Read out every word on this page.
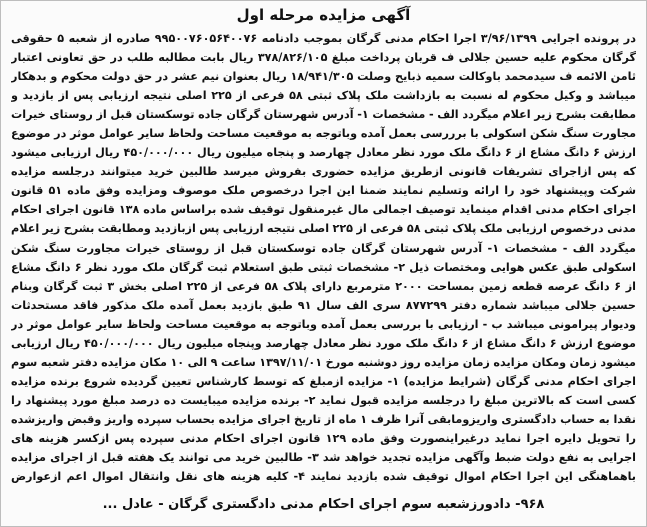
آگهی مزایده مرحله اول
در پرونده اجرایی ۳/۹۶/۱۳۹۹ اجرا احکام مدنی گرگان بموجب دادنامه ۹۹۵۰۰۷۶۰۵۶۴۰۰۷۶ صادره از شعبه ۵ حقوقی گرگان محکوم علیه حسین جلالی ف قربان پرداخت مبلغ ۳۷۸/۸۲۶/۱۰۵ ریال بابت مطالبه طلب در حق تعاونی اعتبار ثامن الائمه ف سیدمحمد باوکالت سمیه ذبایح وصلت ۱۸/۹۴۱/۳۰۵ ریال بعنوان نیم عشر در حق دولت محکوم و بدهکار میباشد و وکیل محکوم له نسبت به بازداشت ملک پلاک ثبتی ۵۸ فرعی از ۲۲۵ اصلی نتیجه ارزیابی پس از بازدید و مطابقت بشرح زیر اعلام میگردد الف - مشخصات ۱- آدرس شهرستان گرگان جاده توسکستان قبل از روستای خیرات مجاورت سنگ شکن اسکولی با برررسی بعمل آمده وباتوجه به موقعیت مساحت ولحاظ سایر عوامل موثر در موضوع ارزش ۶ دانگ مشاع از ۶ دانگ ملک مورد نظر معادل چهارصد و پنجاه میلیون ریال ۴۵۰/۰۰۰/۰۰۰ ریال ارزیابی میشود که پس ازاجرای تشریفات قانونی ازطریق مزایده حضوری بفروش میرسد طالبین خرید میتوانند درجلسه مزایده شرکت وپیشنهاد خود را ارائه وتسلیم نمایند ضمنا این اجرا درخصوص ملک موصوف ومزایده وفق ماده ۵۱ قانون اجرای احکام مدنی اقدام مینماید توصیف اجمالی مال غیرمنقول توقیف شده براساس ماده ۱۳۸ قانون اجرای احکام مدنی درخصوص ارزیابی ملک پلاک ثبتی ۵۸ فرعی از ۲۲۵ اصلی نتیجه ارزیابی پس ازبازدید ومطابقت بشرح زیر اعلام میگردد الف - مشخصات ۱- آدرس شهرستان گرگان جاده توسکستان قبل از روستای خیرات مجاورت سنگ شکن اسکولی طبق عکس هوایی ومختصات ذیل ۲- مشخصات ثبتی طبق استعلام ثبت گرگان ملک مورد نظر ۶ دانگ مشاع از ۶ دانگ عرصه قطعه زمین بمساحت ۲۰۰۰ مترمربع دارای پلاک ۵۸ فرعی از ۲۲۵ اصلی بخش ۳ ثبت گرگان وبنام حسین جلالی میباشد شماره دفتر ۸۷۷۲۹۹ سری الف سال ۹۱ طبق بازدید بعمل آمده ملک مذکور فاقد مستحدثات ودیوار پیرامونی میباشد ب - ارزیابی با بررسی بعمل آمده وباتوجه به موقعیت مساحت ولحاظ سایر عوامل موثر در موضوع ارزش ۶ دانگ مشاع از ۶ دانگ ملک مورد نظر معادل چهارصد وپنجاه میلیون ریال ۴۵۰/۰۰۰/۰۰۰ ریال ارزیابی میشود زمان ومکان مزایده زمان مزایده روز دوشنبه مورخ ۱۳۹۷/۱۱/۰۱ ساعت ۹ الی ۱۰ مکان مزایده دفتر شعبه سوم اجرای احکام مدنی گرگان (شرایط مزایده) ۱- مزایده ازمبلغ که توسط کارشناس تعیین گردیده شروع برنده مزایده کسی است که بالاترین مبلغ را درجلسه مزایده قبول نماید ۲- برنده مزایده میبایست ده درصد مبلغ مورد پیشنهاد را نقدا به حساب دادگستری واریزومابقی آنرا ظرف ۱ ماه از تاریخ اجرای مزایده بحساب سپرده واریز وقبض واریزشده را تحویل دایره اجرا نماید درغیراینصورت وفق ماده ۱۲۹ قانون اجرای احکام مدنی سپرده پس ازکسر هزینه های اجرایی به نفع دولت ضبط وآگهی مزایده تجدید خواهد شد ۳- طالبین خرید می توانند یک هفته قبل از اجرای مزایده باهماهنگی این اجرا احکام اموال توقیف شده بازدید نمایند ۴- کلیه هزینه های نقل وانتقال اموال اعم ازعوارض
۹۶۸- دادورزشعبه سوم اجرای احکام مدنی دادگستری گرگان - عادل ...
